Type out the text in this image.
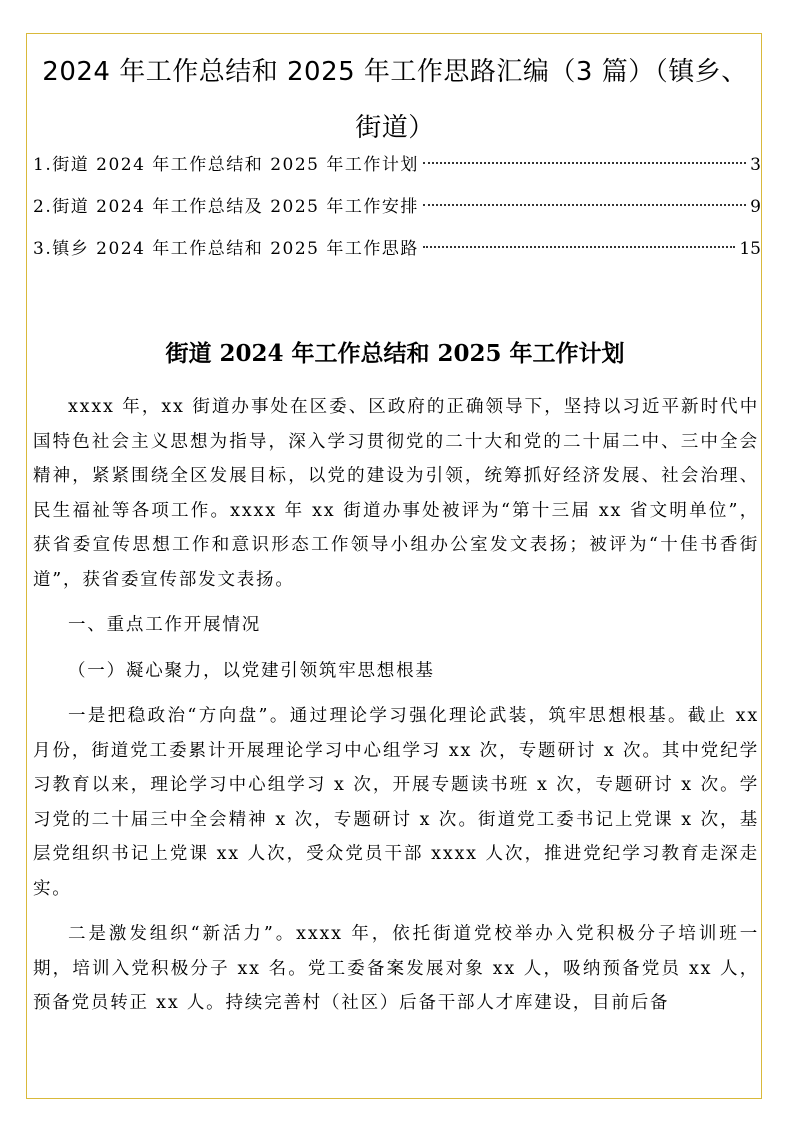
2024 年工作总结和 2025 年工作思路汇编（3 篇）（镇乡、
街道）
1.街道 2024 年工作总结和 2025 年工作计划	3
2.街道 2024 年工作总结及 2025 年工作安排	9
3.镇乡 2024 年工作总结和 2025 年工作思路	15
街道 2024 年工作总结和 2025 年工作计划

xxxx 年，xx 街道办事处在区委、区政府的正确领导下，坚持以习近平新时代中国特色社会主义思想为指导，深入学习贯彻党的二十大和党的二十届二中、三中全会精神，紧紧围绕全区发展目标，以党的建设为引领，统筹抓好经济发展、社会治理、民生福祉等各项工作。xxxx 年 xx 街道办事处被评为“第十三届 xx 省文明单位”，获省委宣传思想工作和意识形态工作领导小组办公室发文表扬；被评为“十佳书香街道”，获省委宣传部发文表扬。

一、重点工作开展情况

（一）凝心聚力，以党建引领筑牢思想根基

一是把稳政治“方向盘”。通过理论学习强化理论武装，筑牢思想根基。截止 xx 月份，街道党工委累计开展理论学习中心组学习 xx 次，专题研讨 x 次。其中党纪学习教育以来，理论学习中心组学习 x 次，开展专题读书班 x 次，专题研讨 x 次。学习党的二十届三中全会精神 x 次，专题研讨 x 次。街道党工委书记上党课 x 次，基层党组织书记上党课 xx 人次，受众党员干部 xxxx 人次，推进党纪学习教育走深走实。

二是激发组织“新活力”。xxxx 年，依托街道党校举办入党积极分子培训班一期，培训入党积极分子 xx 名。党工委备案发展对象 xx 人，吸纳预备党员 xx 人，预备党员转正 xx 人。持续完善村（社区）后备干部人才库建设，目前后备
